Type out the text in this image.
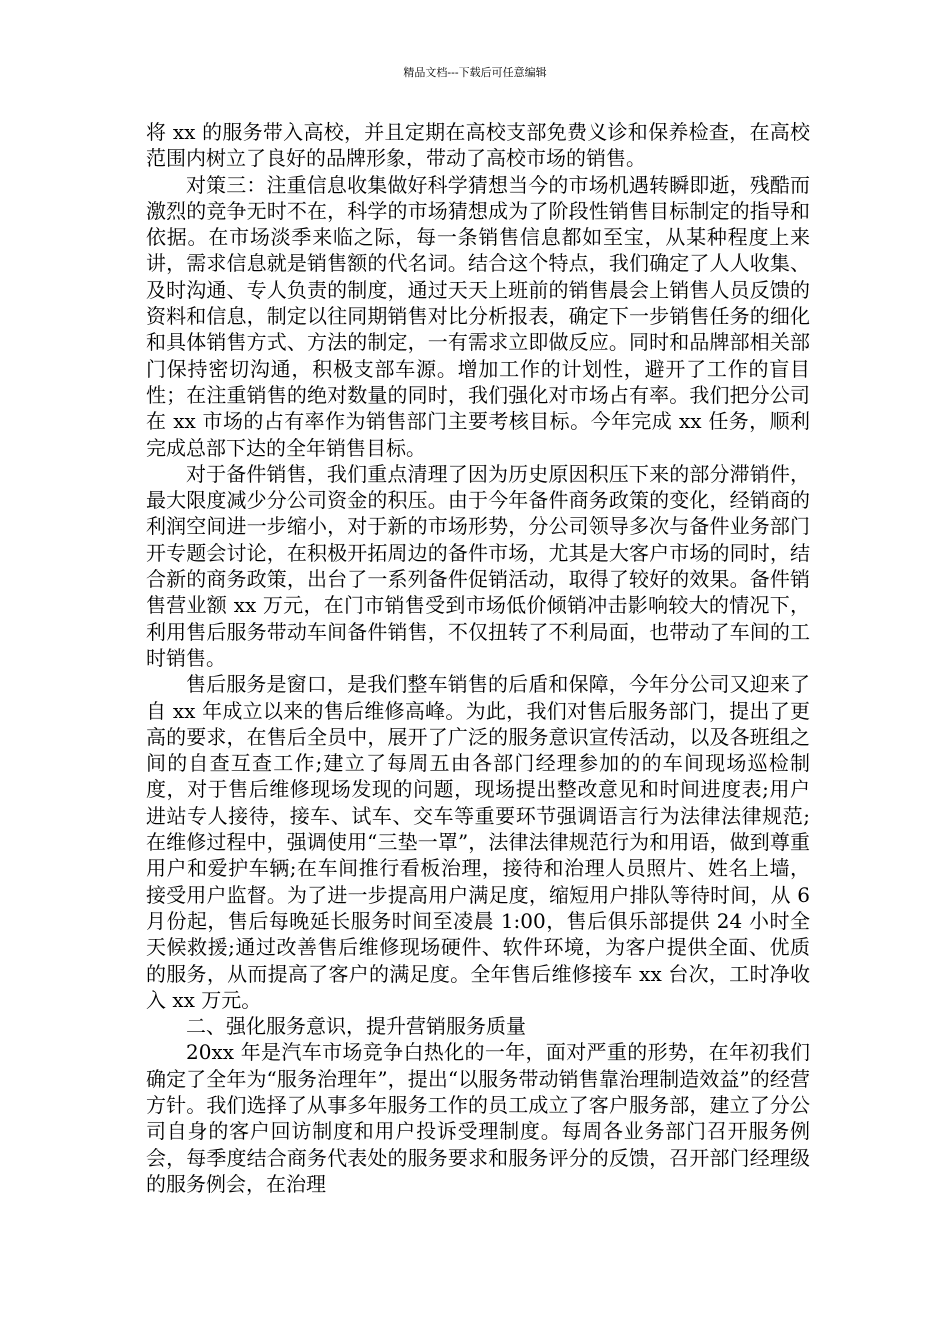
精品文档---下载后可任意编辑

将 xx 的服务带入高校，并且定期在高校支部免费义诊和保养检查，在高校范围内树立了良好的品牌形象，带动了高校市场的销售。

对策三：注重信息收集做好科学猜想当今的市场机遇转瞬即逝，残酷而激烈的竞争无时不在，科学的市场猜想成为了阶段性销售目标制定的指导和依据。在市场淡季来临之际，每一条销售信息都如至宝，从某种程度上来讲，需求信息就是销售额的代名词。结合这个特点，我们确定了人人收集、及时沟通、专人负责的制度，通过天天上班前的销售晨会上销售人员反馈的资料和信息，制定以往同期销售对比分析报表，确定下一步销售任务的细化和具体销售方式、方法的制定，一有需求立即做反应。同时和品牌部相关部门保持密切沟通，积极支部车源。增加工作的计划性，避开了工作的盲目性；在注重销售的绝对数量的同时，我们强化对市场占有率。我们把分公司在 xx 市场的占有率作为销售部门主要考核目标。今年完成 xx 任务，顺利完成总部下达的全年销售目标。

对于备件销售，我们重点清理了因为历史原因积压下来的部分滞销件，最大限度减少分公司资金的积压。由于今年备件商务政策的变化，经销商的利润空间进一步缩小，对于新的市场形势，分公司领导多次与备件业务部门开专题会讨论，在积极开拓周边的备件市场，尤其是大客户市场的同时，结合新的商务政策，出台了一系列备件促销活动，取得了较好的效果。备件销售营业额 xx 万元，在门市销售受到市场低价倾销冲击影响较大的情况下，利用售后服务带动车间备件销售，不仅扭转了不利局面，也带动了车间的工时销售。

售后服务是窗口，是我们整车销售的后盾和保障，今年分公司又迎来了自 xx 年成立以来的售后维修高峰。为此，我们对售后服务部门，提出了更高的要求，在售后全员中，展开了广泛的服务意识宣传活动，以及各班组之间的自查互查工作;建立了每周五由各部门经理参加的的车间现场巡检制度，对于售后维修现场发现的问题，现场提出整改意见和时间进度表;用户进站专人接待，接车、试车、交车等重要环节强调语言行为法律法律规范;在维修过程中，强调使用“三垫一罩”，法律法律规范行为和用语，做到尊重用户和爱护车辆;在车间推行看板治理，接待和治理人员照片、姓名上墙，接受用户监督。为了进一步提高用户满足度，缩短用户排队等待时间，从 6 月份起，售后每晚延长服务时间至凌晨 1:00，售后俱乐部提供 24 小时全天候救援;通过改善售后维修现场硬件、软件环境，为客户提供全面、优质的服务，从而提高了客户的满足度。全年售后维修接车 xx 台次，工时净收入 xx 万元。

二、强化服务意识，提升营销服务质量

20xx 年是汽车市场竞争白热化的一年，面对严重的形势，在年初我们确定了全年为“服务治理年”，提出“以服务带动销售靠治理制造效益”的经营方针。我们选择了从事多年服务工作的员工成立了客户服务部，建立了分公司自身的客户回访制度和用户投诉受理制度。每周各业务部门召开服务例会，每季度结合商务代表处的服务要求和服务评分的反馈，召开部门经理级的服务例会，在治理
